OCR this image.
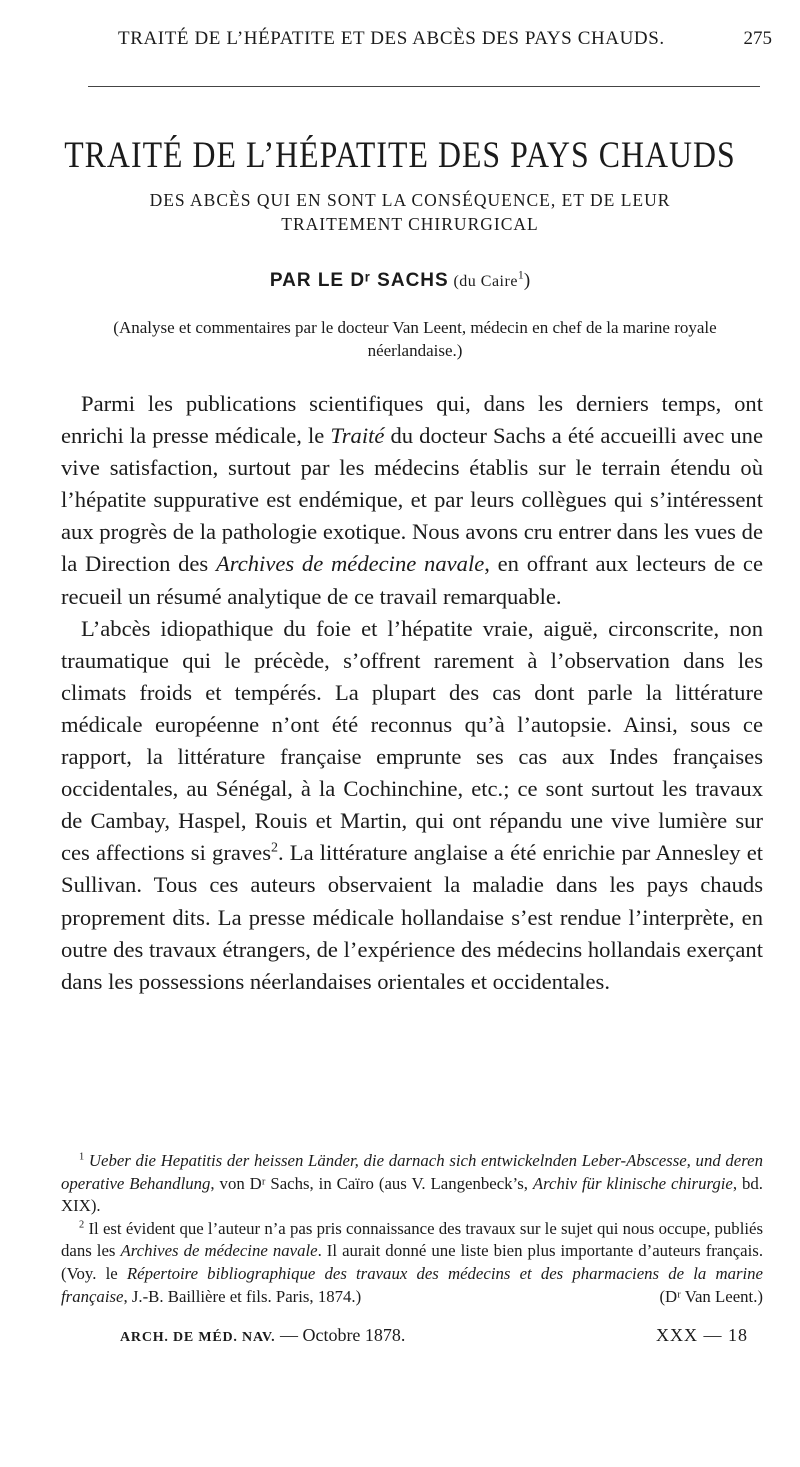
TRAITÉ DE L’HÉPATITE ET DES ABCÈS DES PAYS CHAUDS.	275
TRAITÉ DE L’HÉPATITE DES PAYS CHAUDS
DES ABCÈS QUI EN SONT LA CONSÉQUENCE, ET DE LEUR TRAITEMENT CHIRURGICAL
PAR LE Dʳ SACHS (du Caire$^1$)
(Analyse et commentaires par le docteur Van Leent, médecin en chef de la marine royale néerlandaise.)

Parmi les publications scientifiques qui, dans les derniers temps, ont enrichi la presse médicale, le Traité du docteur Sachs a été accueilli avec une vive satisfaction, surtout par les médecins établis sur le terrain étendu où l’hépatite suppurative est endémique, et par leurs collègues qui s’intéressent aux progrès de la pathologie exotique. Nous avons cru entrer dans les vues de la Direction des Archives de médecine navale, en offrant aux lecteurs de ce recueil un résumé analytique de ce travail remarquable.

L’abcès idiopathique du foie et l’hépatite vraie, aiguë, circonscrite, non traumatique qui le précède, s’offrent rarement à l’observation dans les climats froids et tempérés. La plupart des cas dont parle la littérature médicale européenne n’ont été reconnus qu’à l’autopsie. Ainsi, sous ce rapport, la littérature française emprunte ses cas aux Indes françaises occidentales, au Sénégal, à la Cochinchine, etc.; ce sont surtout les travaux de Cambay, Haspel, Rouis et Martin, qui ont répandu une vive lumière sur ces affections si graves$^2$. La littérature anglaise a été enrichie par Annesley et Sullivan. Tous ces auteurs observaient la maladie dans les pays chauds proprement dits. La presse médicale hollandaise s’est rendue l’interprète, en outre des travaux étrangers, de l’expérience des médecins hollandais exerçant dans les possessions néerlandaises orientales et occidentales.

$^1$ Ueber die Hepatitis der heissen Länder, die darnach sich entwickelnden Leber-Abscesse, und deren operative Behandlung, von Dʳ Sachs, in Caïro (aus V. Langenbeck’s, Archiv für klinische chirurgie, bd. XIX).

$^2$ Il est évident que l’auteur n’a pas pris connaissance des travaux sur le sujet qui nous occupe, publiés dans les Archives de médecine navale. Il aurait donné une liste bien plus importante d’auteurs français. (Voy. le Répertoire bibliographique des travaux des médecins et des pharmaciens de la marine française, J.-B. Baillière et fils. Paris, 1874.)	(Dʳ Van Leent.)

ARCH. DE MÉD. NAV. — Octobre 1878.	XXX — 18
